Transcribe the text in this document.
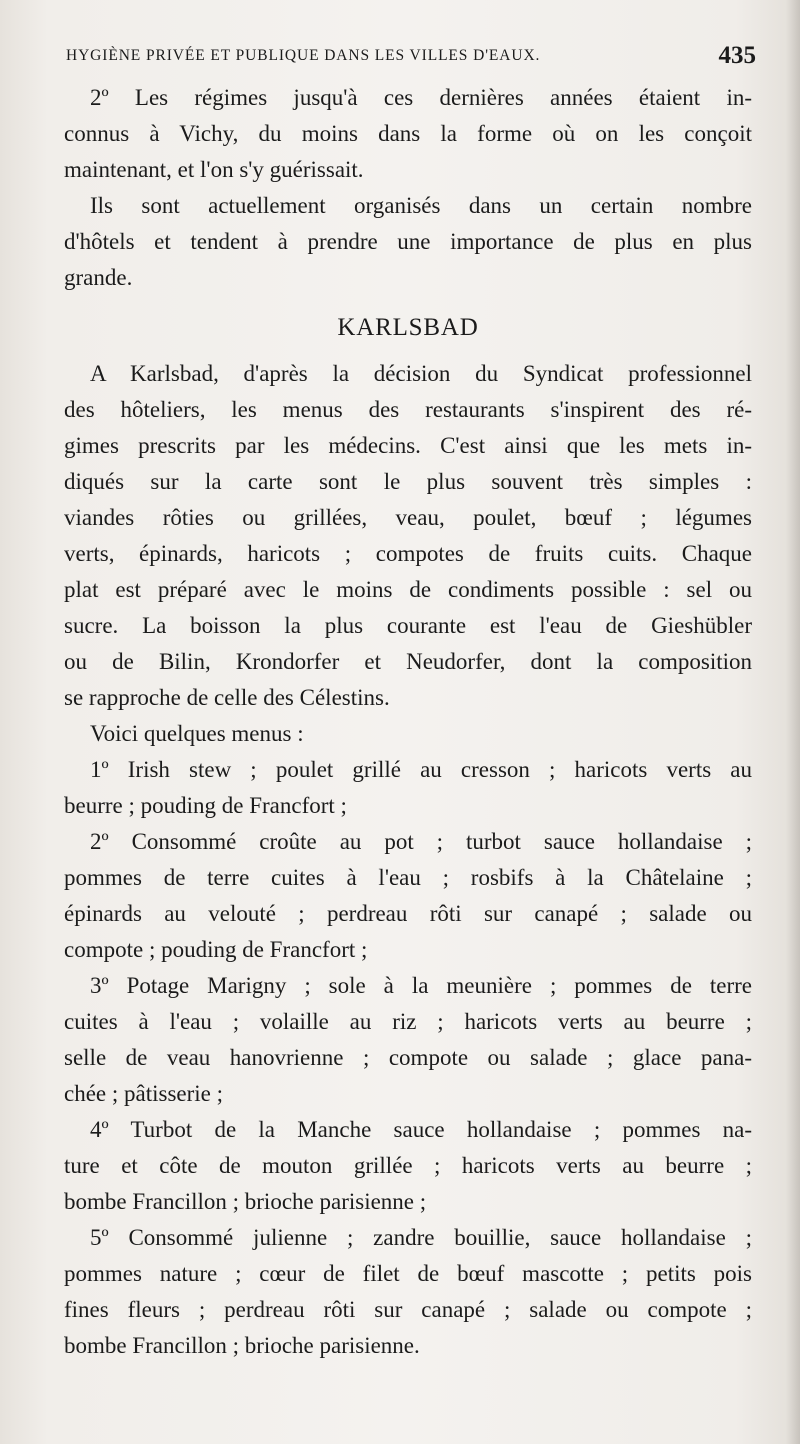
HYGIÈNE PRIVÉE ET PUBLIQUE DANS LES VILLES D'EAUX.	435
2º Les régimes jusqu'à ces dernières années étaient in-
connus à Vichy, du moins dans la forme où on les conçoit
maintenant, et l'on s'y guérissait.
Ils sont actuellement organisés dans un certain nombre
d'hôtels et tendent à prendre une importance de plus en plus
grande.
KARLSBAD
A Karlsbad, d'après la décision du Syndicat professionnel
des hôteliers, les menus des restaurants s'inspirent des ré-
gimes prescrits par les médecins. C'est ainsi que les mets in-
diqués sur la carte sont le plus souvent très simples :
viandes rôties ou grillées, veau, poulet, bœuf ; légumes
verts, épinards, haricots ; compotes de fruits cuits. Chaque
plat est préparé avec le moins de condiments possible : sel ou
sucre. La boisson la plus courante est l'eau de Gieshübler
ou de Bilin, Krondorfer et Neudorfer, dont la composition
se rapproche de celle des Célestins.
Voici quelques menus :
1º Irish stew ; poulet grillé au cresson ; haricots verts au
beurre ; pouding de Francfort ;
2º Consommé croûte au pot ; turbot sauce hollandaise ;
pommes de terre cuites à l'eau ; rosbifs à la Châtelaine ;
épinards au velouté ; perdreau rôti sur canapé ; salade ou
compote ; pouding de Francfort ;
3º Potage Marigny ; sole à la meunière ; pommes de terre
cuites à l'eau ; volaille au riz ; haricots verts au beurre ;
selle de veau hanovrienne ; compote ou salade ; glace pana-
chée ; pâtisserie ;
4º Turbot de la Manche sauce hollandaise ; pommes na-
ture et côte de mouton grillée ; haricots verts au beurre ;
bombe Francillon ; brioche parisienne ;
5º Consommé julienne ; zandre bouillie, sauce hollandaise ;
pommes nature ; cœur de filet de bœuf mascotte ; petits pois
fines fleurs ; perdreau rôti sur canapé ; salade ou compote ;
bombe Francillon ; brioche parisienne.
